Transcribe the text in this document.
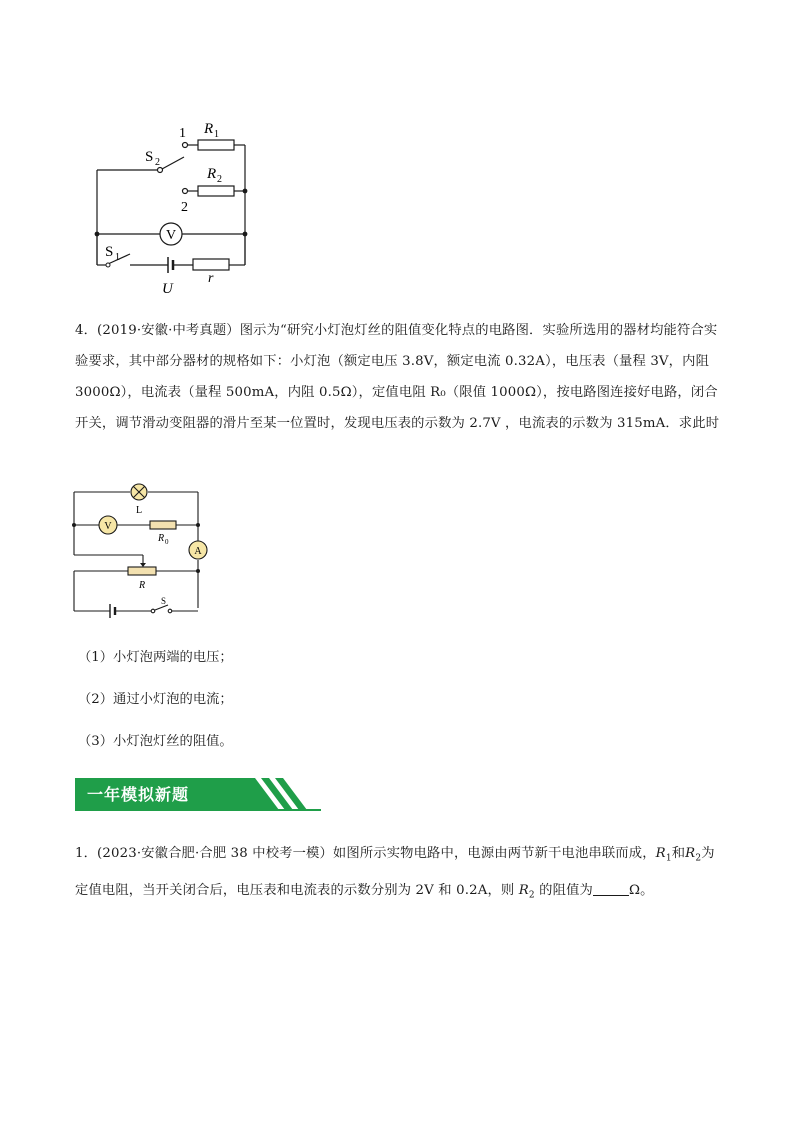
V
1
2
R 1
R 2
S 2
S 1
U
r
4．(2019·安徽·中考真题）图示为“研究小灯泡灯丝的阻值变化特点的电路图．实验所选用的器材均能符合实验要求，其中部分器材的规格如下：小灯泡（额定电压 3.8V，额定电流 0.32A），电压表（量程 3V，内阻 3000Ω），电流表（量程 500mA，内阻 0.5Ω），定值电阻 R₀（限值 1000Ω），按电路图连接好电路，闭合开关，调节滑动变阻器的滑片至某一位置时，发现电压表的示数为 2.7V ，电流表的示数为 315mA．求此时
L
V
R 0
A
R
S
（1）小灯泡两端的电压；
（2）通过小灯泡的电流；
（3）小灯泡灯丝的阻值。
一年模拟新题
1．(2023·安徽合肥·合肥 38 中校考一模）如图所示实物电路中，电源由两节新干电池串联而成，$R_1$和$R_2$为定值电阻，当开关闭合后，电压表和电流表的示数分别为 2V 和 0.2A，则 $R_2$ 的阻值为	Ω。
